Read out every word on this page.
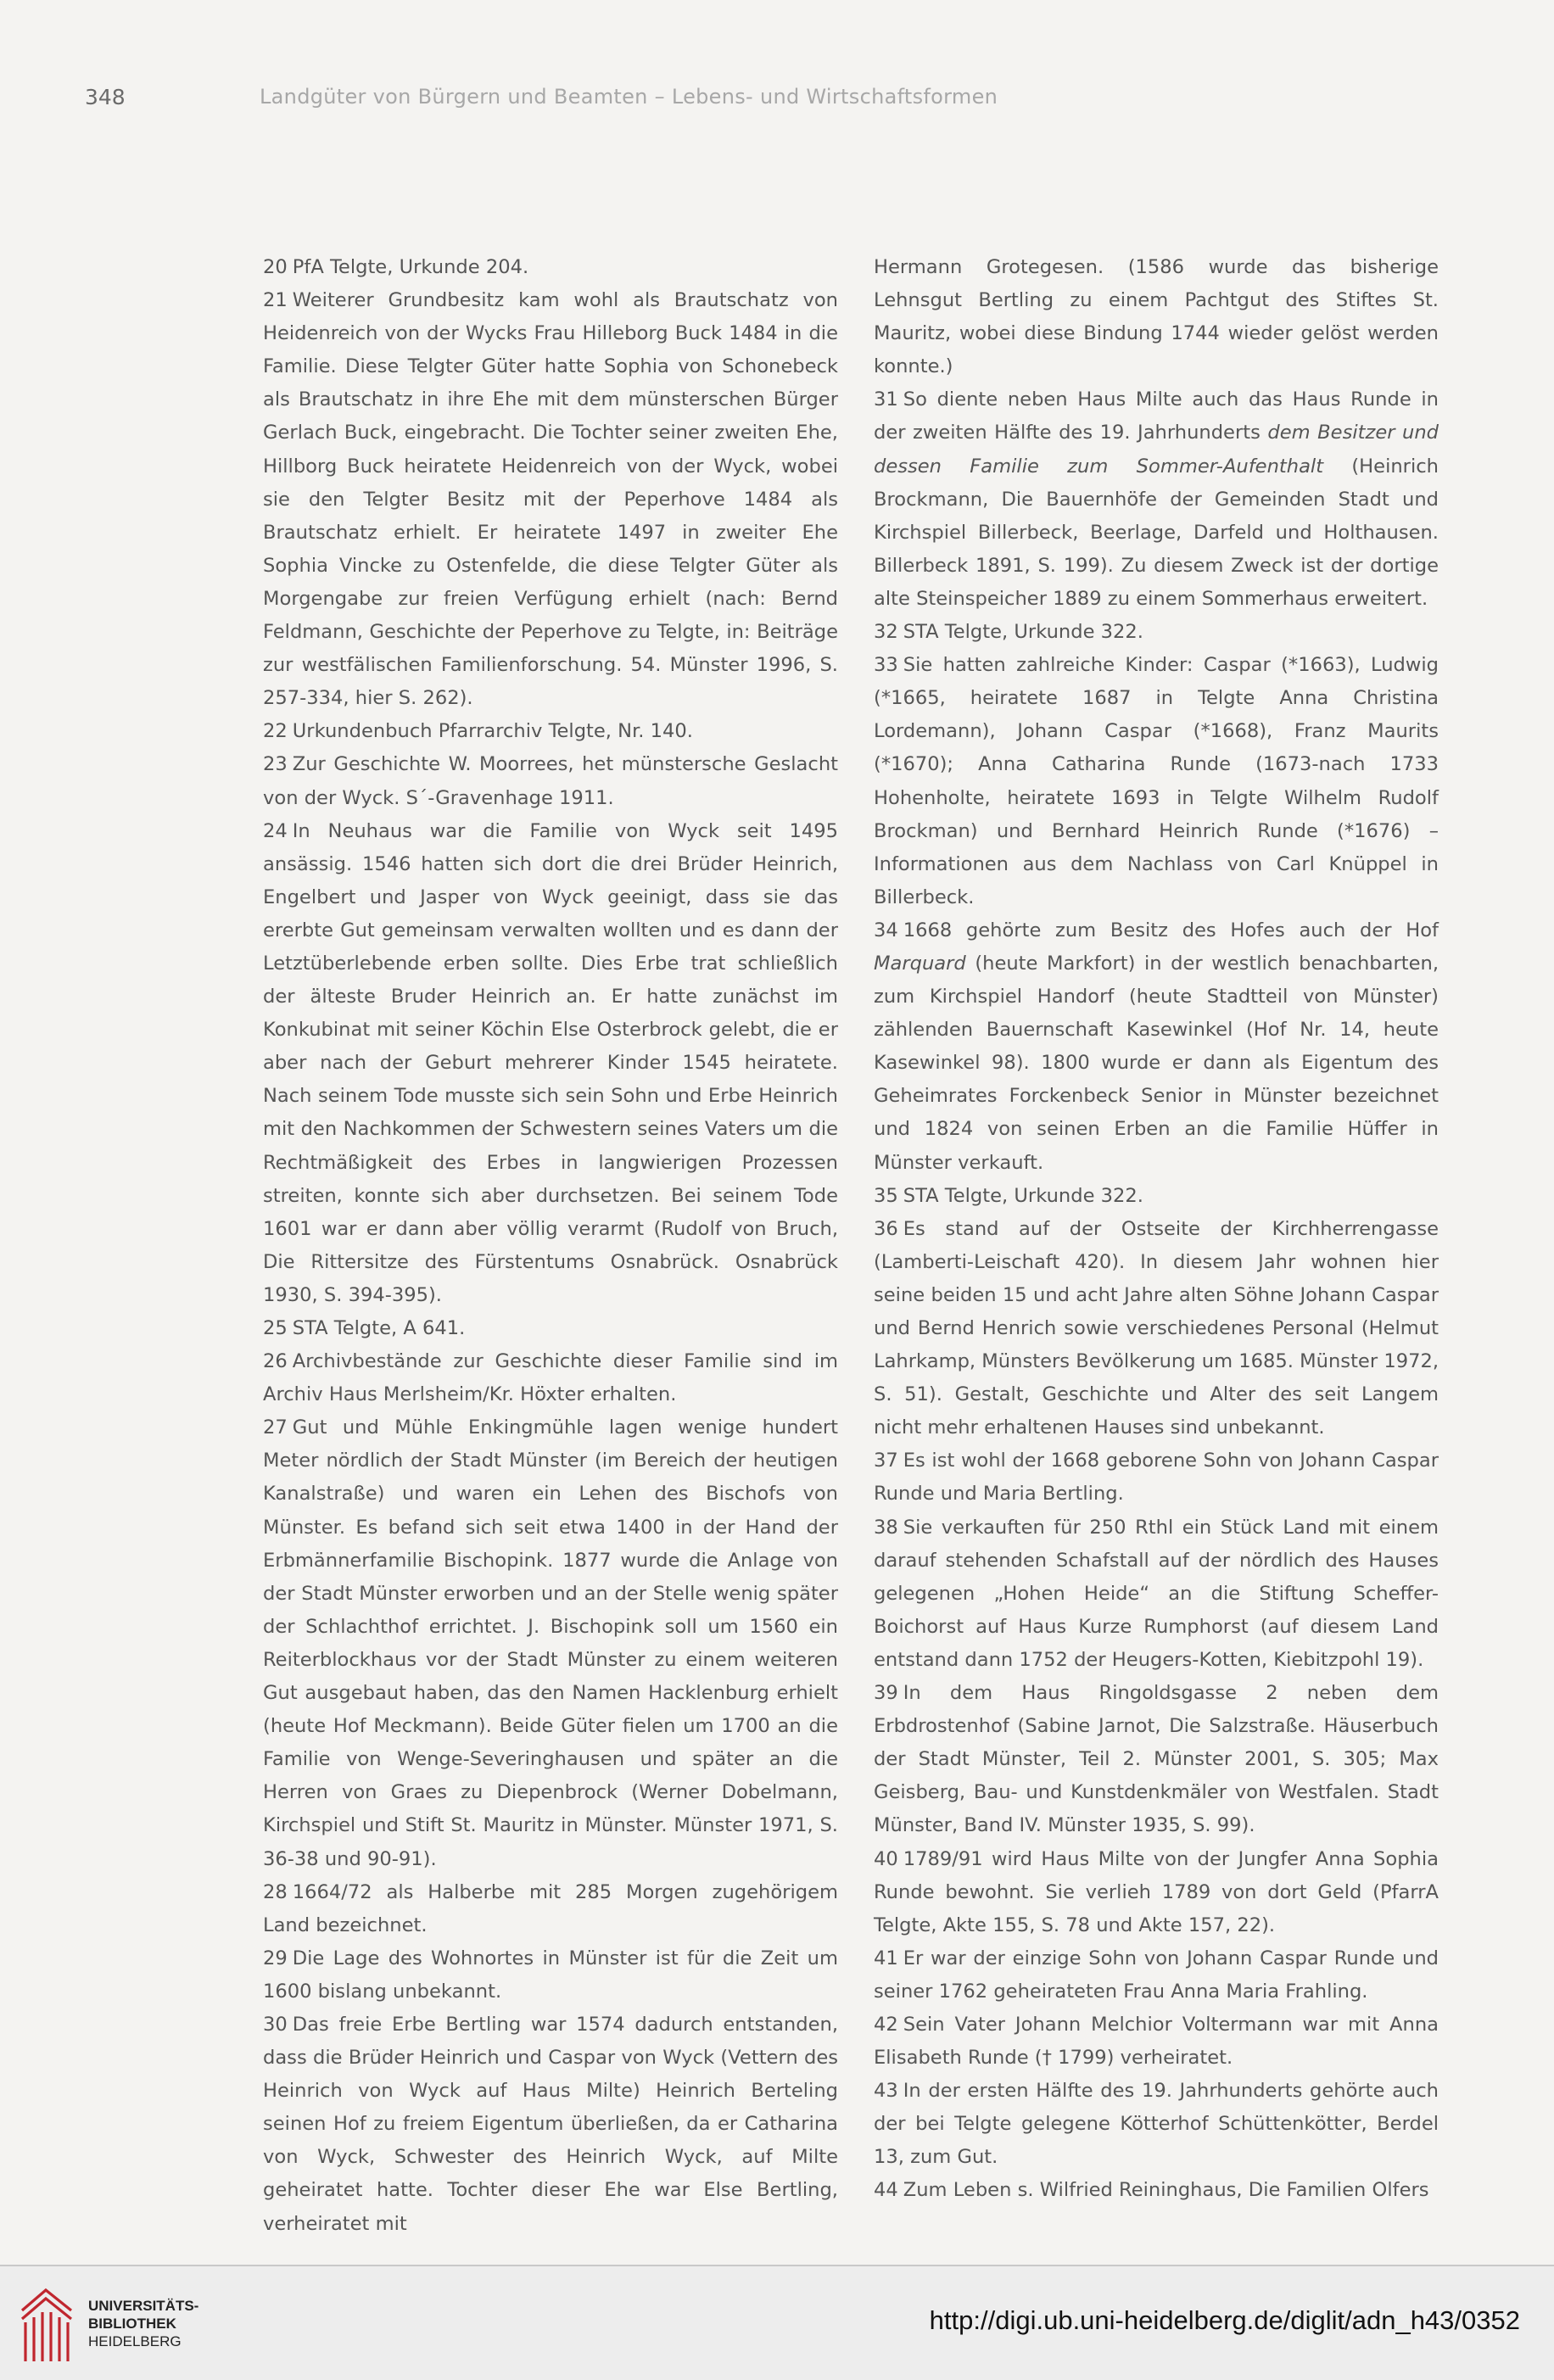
348	Landgüter von Bürgern und Beamten – Lebens- und Wirtschaftsformen

20 PfA Telgte, Urkunde 204.

21 Weiterer Grundbesitz kam wohl als Brautschatz von Heidenreich von der Wycks Frau Hilleborg Buck 1484 in die Familie. Diese Telgter Güter hatte Sophia von Schonebeck als Brautschatz in ihre Ehe mit dem münsterschen Bürger Gerlach Buck, eingebracht. Die Tochter seiner zweiten Ehe, Hillborg Buck heiratete Heidenreich von der Wyck, wobei sie den Telgter Besitz mit der Peperhove 1484 als Brautschatz erhielt. Er heiratete 1497 in zweiter Ehe Sophia Vincke zu Ostenfelde, die diese Telgter Güter als Morgengabe zur freien Verfügung erhielt (nach: Bernd Feldmann, Geschichte der Peperhove zu Telgte, in: Beiträge zur westfälischen Familienforschung. 54. Münster 1996, S. 257-334, hier S. 262).

22 Urkundenbuch Pfarrarchiv Telgte, Nr. 140.

23 Zur Geschichte W. Moorrees, het münstersche Geslacht von der Wyck. S´-Gravenhage 1911.

24 In Neuhaus war die Familie von Wyck seit 1495 ansässig. 1546 hatten sich dort die drei Brüder Heinrich, Engelbert und Jasper von Wyck geeinigt, dass sie das ererbte Gut gemeinsam verwalten wollten und es dann der Letztüberlebende erben sollte. Dies Erbe trat schließlich der älteste Bruder Heinrich an. Er hatte zunächst im Konkubinat mit seiner Köchin Else Osterbrock gelebt, die er aber nach der Geburt mehrerer Kinder 1545 heiratete. Nach seinem Tode musste sich sein Sohn und Erbe Heinrich mit den Nachkommen der Schwestern seines Vaters um die Rechtmäßigkeit des Erbes in langwierigen Prozessen streiten, konnte sich aber durchsetzen. Bei seinem Tode 1601 war er dann aber völlig verarmt (Rudolf von Bruch, Die Rittersitze des Fürstentums Osnabrück. Osnabrück 1930, S. 394-395).

25 STA Telgte, A 641.

26 Archivbestände zur Geschichte dieser Familie sind im Archiv Haus Merlsheim/Kr. Höxter erhalten.

27 Gut und Mühle Enkingmühle lagen wenige hundert Meter nördlich der Stadt Münster (im Bereich der heutigen Kanalstraße) und waren ein Lehen des Bischofs von Münster. Es befand sich seit etwa 1400 in der Hand der Erbmännerfamilie Bischopink. 1877 wurde die Anlage von der Stadt Münster erworben und an der Stelle wenig später der Schlachthof errichtet. J. Bischopink soll um 1560 ein Reiterblockhaus vor der Stadt Münster zu einem weiteren Gut ausgebaut haben, das den Namen Hacklenburg erhielt (heute Hof Meckmann). Beide Güter fielen um 1700 an die Familie von Wenge-Severinghausen und später an die Herren von Graes zu Diepenbrock (Werner Dobelmann, Kirchspiel und Stift St. Mauritz in Münster. Münster 1971, S. 36-38 und 90-91).

28 1664/72 als Halberbe mit 285 Morgen zugehörigem Land bezeichnet.

29 Die Lage des Wohnortes in Münster ist für die Zeit um 1600 bislang unbekannt.

30 Das freie Erbe Bertling war 1574 dadurch entstanden, dass die Brüder Heinrich und Caspar von Wyck (Vettern des Heinrich von Wyck auf Haus Milte) Heinrich Berteling seinen Hof zu freiem Eigentum überließen, da er Catharina von Wyck, Schwester des Heinrich Wyck, auf Milte geheiratet hatte. Tochter dieser Ehe war Else Bertling, verheiratet mit

Hermann Grotegesen. (1586 wurde das bisherige Lehnsgut Bertling zu einem Pachtgut des Stiftes St. Mauritz, wobei diese Bindung 1744 wieder gelöst werden konnte.)

31 So diente neben Haus Milte auch das Haus Runde in der zweiten Hälfte des 19. Jahrhunderts dem Besitzer und dessen Familie zum Sommer-Aufenthalt (Heinrich Brockmann, Die Bauernhöfe der Gemeinden Stadt und Kirchspiel Billerbeck, Beerlage, Darfeld und Holthausen. Billerbeck 1891, S. 199). Zu diesem Zweck ist der dortige alte Steinspeicher 1889 zu einem Sommerhaus erweitert.

32 STA Telgte, Urkunde 322.

33 Sie hatten zahlreiche Kinder: Caspar (*1663), Ludwig (*1665, heiratete 1687 in Telgte Anna Christina Lordemann), Johann Caspar (*1668), Franz Maurits (*1670); Anna Catharina Runde (1673-nach 1733 Hohenholte, heiratete 1693 in Telgte Wilhelm Rudolf Brockman) und Bernhard Heinrich Runde (*1676) – Informationen aus dem Nachlass von Carl Knüppel in Billerbeck.

34 1668 gehörte zum Besitz des Hofes auch der Hof Marquard (heute Markfort) in der westlich benachbarten, zum Kirchspiel Handorf (heute Stadtteil von Münster) zählenden Bauernschaft Kasewinkel (Hof Nr. 14, heute Kasewinkel 98). 1800 wurde er dann als Eigentum des Geheimrates Forckenbeck Senior in Münster bezeichnet und 1824 von seinen Erben an die Familie Hüffer in Münster verkauft.

35 STA Telgte, Urkunde 322.

36 Es stand auf der Ostseite der Kirchherrengasse (Lamberti-Leischaft 420). In diesem Jahr wohnen hier seine beiden 15 und acht Jahre alten Söhne Johann Caspar und Bernd Henrich sowie verschiedenes Personal (Helmut Lahrkamp, Münsters Bevölkerung um 1685. Münster 1972, S. 51). Gestalt, Geschichte und Alter des seit Langem nicht mehr erhaltenen Hauses sind unbekannt.

37 Es ist wohl der 1668 geborene Sohn von Johann Caspar Runde und Maria Bertling.

38 Sie verkauften für 250 Rthl ein Stück Land mit einem darauf stehenden Schafstall auf der nördlich des Hauses gelegenen „Hohen Heide“ an die Stiftung Scheffer-Boichorst auf Haus Kurze Rumphorst (auf diesem Land entstand dann 1752 der Heugers-Kotten, Kiebitzpohl 19).

39 In dem Haus Ringoldsgasse 2 neben dem Erbdrostenhof (Sabine Jarnot, Die Salzstraße. Häuserbuch der Stadt Münster, Teil 2. Münster 2001, S. 305; Max Geisberg, Bau- und Kunstdenkmäler von Westfalen. Stadt Münster, Band IV. Münster 1935, S. 99).

40 1789/91 wird Haus Milte von der Jungfer Anna Sophia Runde bewohnt. Sie verlieh 1789 von dort Geld (PfarrA Telgte, Akte 155, S. 78 und Akte 157, 22).

41 Er war der einzige Sohn von Johann Caspar Runde und seiner 1762 geheirateten Frau Anna Maria Frahling.

42 Sein Vater Johann Melchior Voltermann war mit Anna Elisabeth Runde († 1799) verheiratet.

43 In der ersten Hälfte des 19. Jahrhunderts gehörte auch der bei Telgte gelegene Kötterhof Schüttenkötter, Berdel 13, zum Gut.

44 Zum Leben s. Wilfried Reininghaus, Die Familien Olfers

UNIVERSITÄTS-
BIBLIOTHEK
HEIDELBERG
http://digi.ub.uni-heidelberg.de/diglit/adn_h43/0352
